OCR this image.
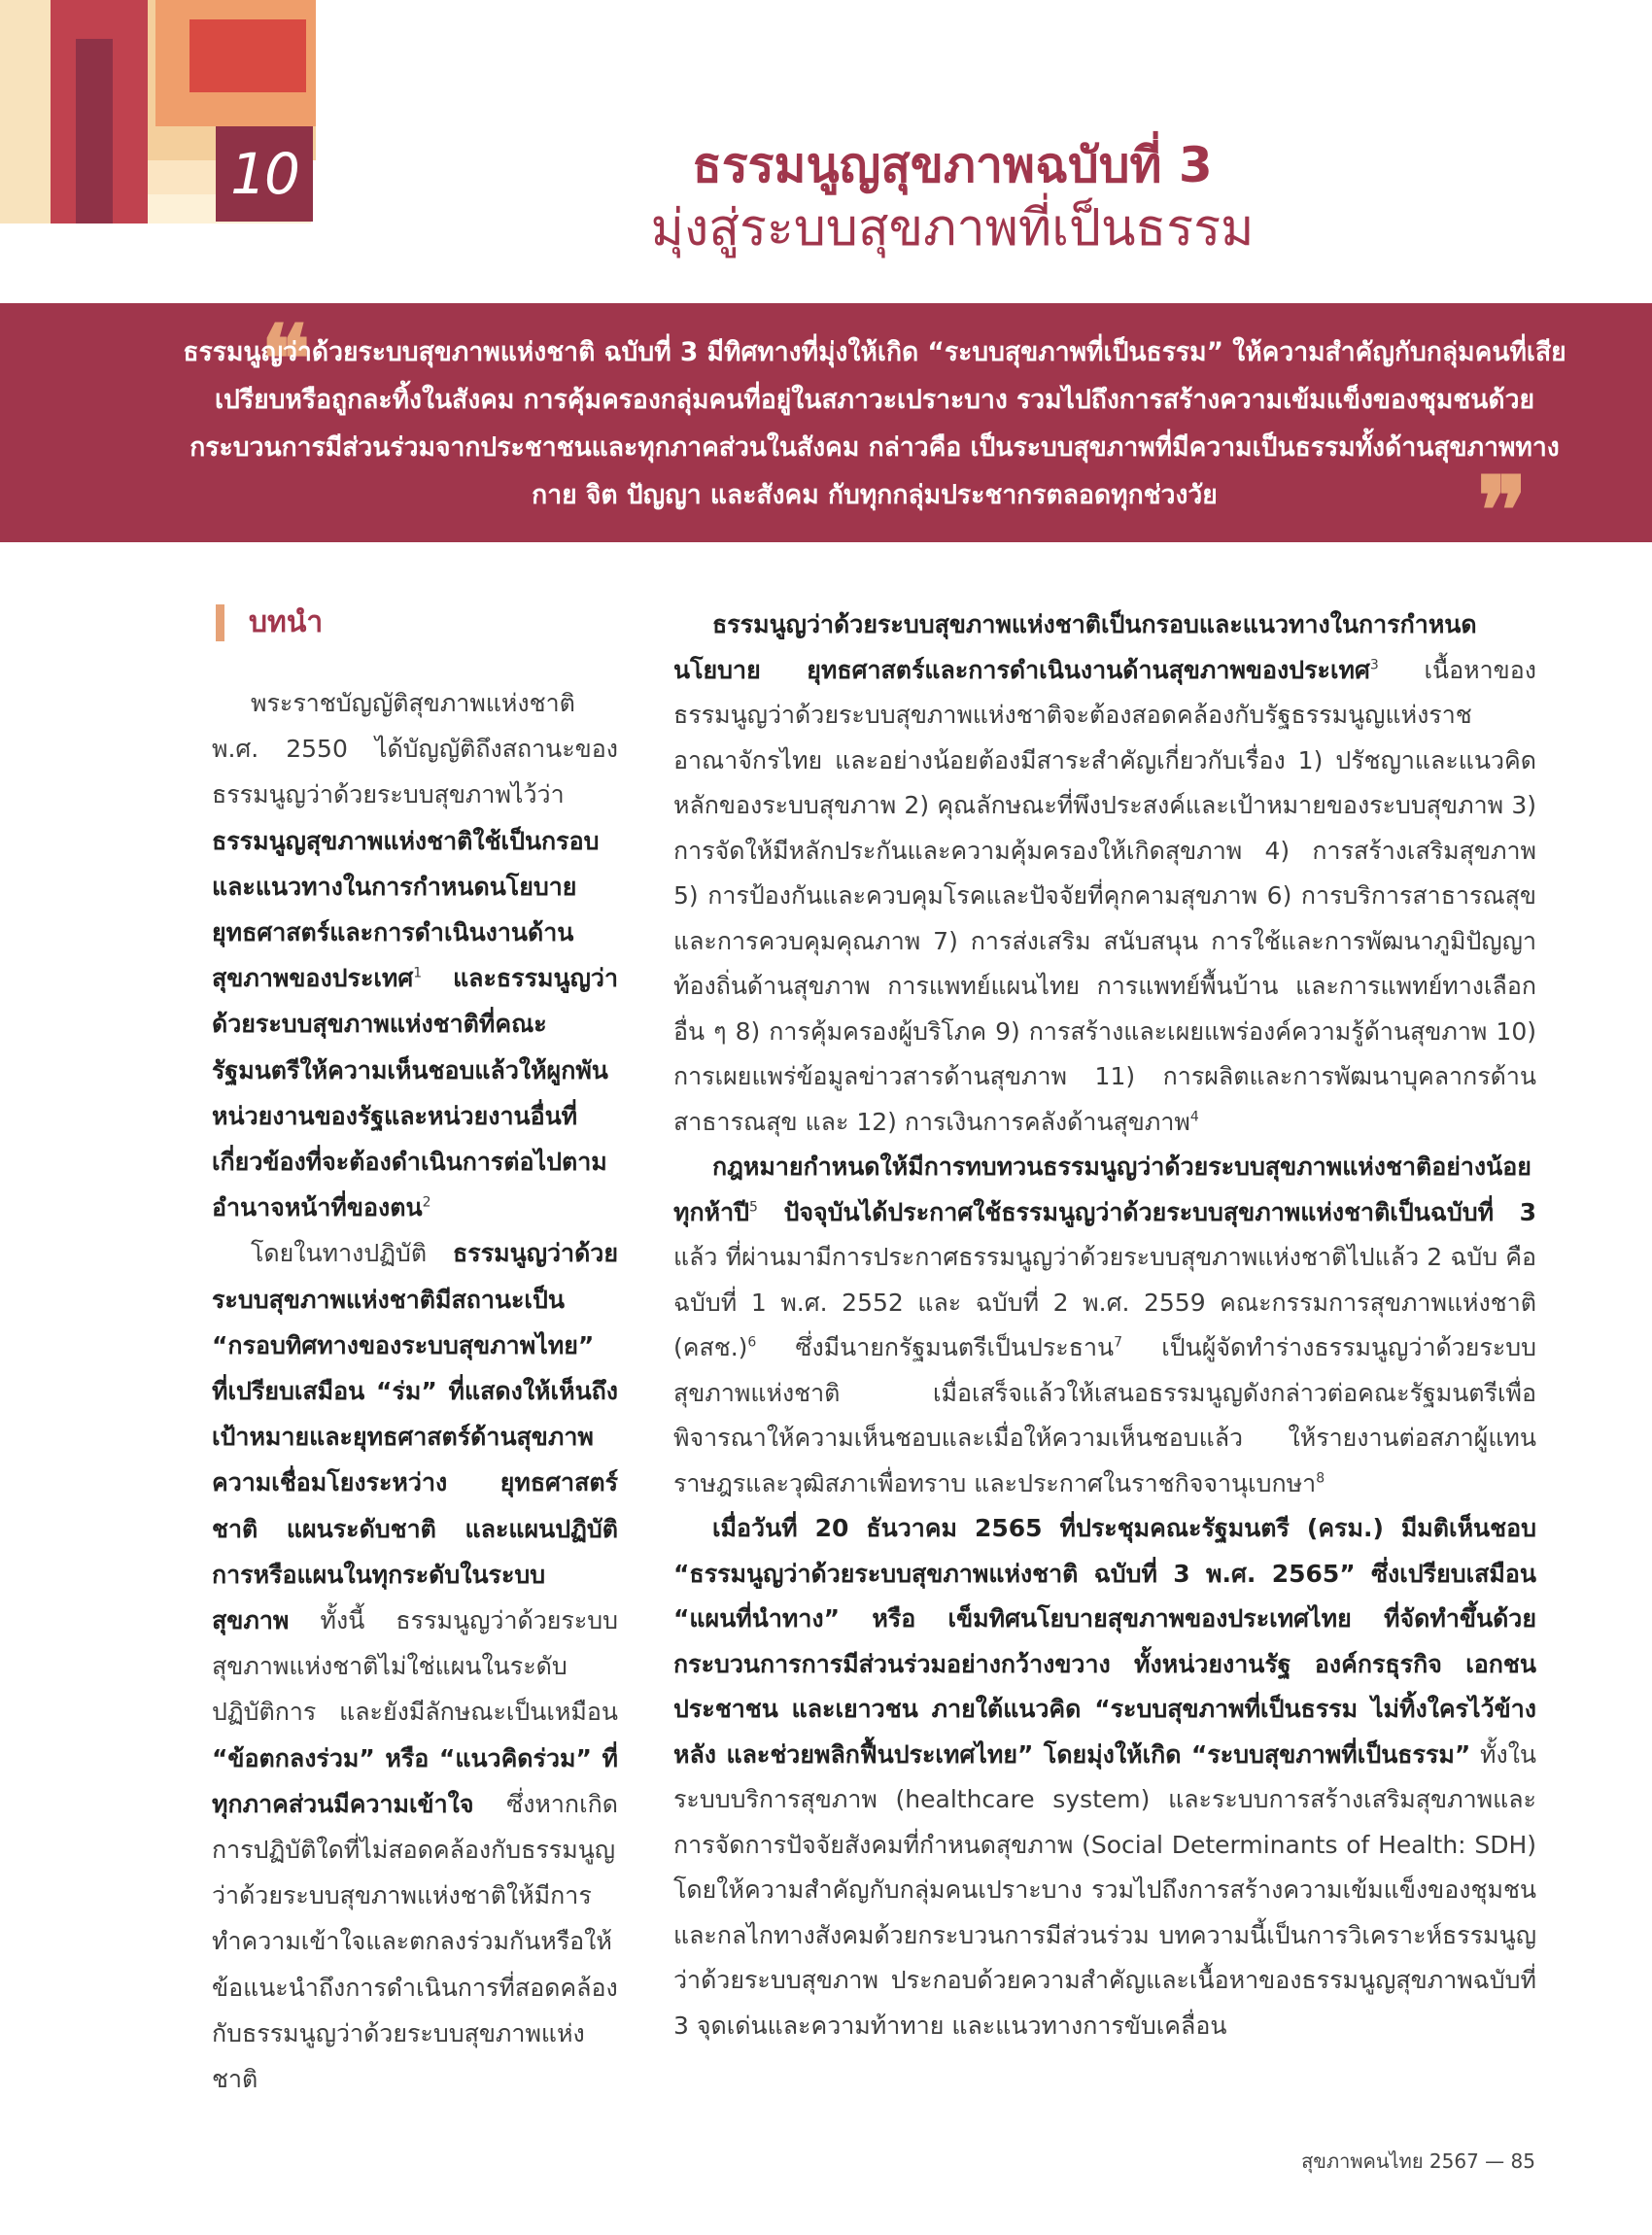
10	ธรรมนูญสุขภาพฉบับที่ 3
มุ่งสู่ระบบสุขภาพที่เป็นธรรม
❝
ธรรมนูญว่าด้วยระบบสุขภาพแห่งชาติ ฉบับที่ 3 มีทิศทางที่มุ่งให้เกิด “ระบบสุขภาพที่เป็นธรรม” ให้ความสำคัญกับกลุ่มคนที่เสียเปรียบหรือถูกละทิ้งในสังคม การคุ้มครองกลุ่มคนที่อยู่ในสภาวะเปราะบาง รวมไปถึงการสร้างความเข้มแข็งของชุมชนด้วยกระบวนการมีส่วนร่วมจากประชาชนและทุกภาคส่วนในสังคม กล่าวคือ เป็นระบบสุขภาพที่มีความเป็นธรรมทั้งด้านสุขภาพทางกาย จิต ปัญญา และสังคม กับทุกกลุ่มประชากรตลอดทุกช่วงวัย	❞
บทนำ

พระราชบัญญัติสุขภาพแห่งชาติ พ.ศ. 2550 ได้บัญญัติถึงสถานะของธรรมนูญว่าด้วยระบบสุขภาพไว้ว่า ธรรมนูญสุขภาพแห่งชาติใช้เป็นกรอบและแนวทางในการกำหนดนโยบาย ยุทธศาสตร์และการดำเนินงานด้านสุขภาพของประเทศ$^1$ และธรรมนูญว่าด้วยระบบสุขภาพแห่งชาติที่คณะรัฐมนตรีให้ความเห็นชอบแล้วให้ผูกพันหน่วยงานของรัฐและหน่วยงานอื่นที่เกี่ยวข้องที่จะต้องดำเนินการต่อไปตามอำนาจหน้าที่ของตน$^2$

โดยในทางปฏิบัติ ธรรมนูญว่าด้วยระบบสุขภาพแห่งชาติมีสถานะเป็น “กรอบทิศทางของระบบสุขภาพไทย” ที่เปรียบเสมือน “ร่ม” ที่แสดงให้เห็นถึงเป้าหมายและยุทธศาสตร์ด้านสุขภาพ ความเชื่อมโยงระหว่าง ยุทธศาสตร์ชาติ แผนระดับชาติ และแผนปฏิบัติการหรือแผนในทุกระดับในระบบสุขภาพ ทั้งนี้ ธรรมนูญว่าด้วยระบบสุขภาพแห่งชาติไม่ใช่แผนในระดับปฏิบัติการ และยังมีลักษณะเป็นเหมือน “ข้อตกลงร่วม” หรือ “แนวคิดร่วม” ที่ทุกภาคส่วนมีความเข้าใจ ซึ่งหากเกิดการปฏิบัติใดที่ไม่สอดคล้องกับธรรมนูญว่าด้วยระบบสุขภาพแห่งชาติให้มีการทำความเข้าใจและตกลงร่วมกันหรือให้ข้อแนะนำถึงการดำเนินการที่สอดคล้องกับธรรมนูญว่าด้วยระบบสุขภาพแห่งชาติ

ธรรมนูญว่าด้วยระบบสุขภาพแห่งชาติเป็นกรอบและแนวทางในการกำหนดนโยบาย ยุทธศาสตร์และการดำเนินงานด้านสุขภาพของประเทศ$^3$ เนื้อหาของธรรมนูญว่าด้วยระบบสุขภาพแห่งชาติจะต้องสอดคล้องกับรัฐธรรมนูญแห่งราชอาณาจักรไทย และอย่างน้อยต้องมีสาระสำคัญเกี่ยวกับเรื่อง 1) ปรัชญาและแนวคิดหลักของระบบสุขภาพ 2) คุณลักษณะที่พึงประสงค์และเป้าหมายของระบบสุขภาพ 3) การจัดให้มีหลักประกันและความคุ้มครองให้เกิดสุขภาพ 4) การสร้างเสริมสุขภาพ 5) การป้องกันและควบคุมโรคและปัจจัยที่คุกคามสุขภาพ 6) การบริการสาธารณสุขและการควบคุมคุณภาพ 7) การส่งเสริม สนับสนุน การใช้และการพัฒนาภูมิปัญญาท้องถิ่นด้านสุขภาพ การแพทย์แผนไทย การแพทย์พื้นบ้าน และการแพทย์ทางเลือกอื่น ๆ 8) การคุ้มครองผู้บริโภค 9) การสร้างและเผยแพร่องค์ความรู้ด้านสุขภาพ 10) การเผยแพร่ข้อมูลข่าวสารด้านสุขภาพ 11) การผลิตและการพัฒนาบุคลากรด้านสาธารณสุข และ 12) การเงินการคลังด้านสุขภาพ$^4$

กฎหมายกำหนดให้มีการทบทวนธรรมนูญว่าด้วยระบบสุขภาพแห่งชาติอย่างน้อยทุกห้าปี$^5$ ปัจจุบันได้ประกาศใช้ธรรมนูญว่าด้วยระบบสุขภาพแห่งชาติเป็นฉบับที่ 3 แล้ว ที่ผ่านมามีการประกาศธรรมนูญว่าด้วยระบบสุขภาพแห่งชาติไปแล้ว 2 ฉบับ คือ ฉบับที่ 1 พ.ศ. 2552 และ ฉบับที่ 2 พ.ศ. 2559 คณะกรรมการสุขภาพแห่งชาติ (คสช.)$^6$ ซึ่งมีนายกรัฐมนตรีเป็นประธาน$^7$ เป็นผู้จัดทำร่างธรรมนูญว่าด้วยระบบสุขภาพแห่งชาติ เมื่อเสร็จแล้วให้เสนอธรรมนูญดังกล่าวต่อคณะรัฐมนตรีเพื่อพิจารณาให้ความเห็นชอบและเมื่อให้ความเห็นชอบแล้ว ให้รายงานต่อสภาผู้แทนราษฎรและวุฒิสภาเพื่อทราบ และประกาศในราชกิจจานุเบกษา$^8$

เมื่อวันที่ 20 ธันวาคม 2565 ที่ประชุมคณะรัฐมนตรี (ครม.) มีมติเห็นชอบ “ธรรมนูญว่าด้วยระบบสุขภาพแห่งชาติ ฉบับที่ 3 พ.ศ. 2565” ซึ่งเปรียบเสมือน “แผนที่นำทาง” หรือ เข็มทิศนโยบายสุขภาพของประเทศไทย ที่จัดทำขึ้นด้วยกระบวนการการมีส่วนร่วมอย่างกว้างขวาง ทั้งหน่วยงานรัฐ องค์กรธุรกิจ เอกชน ประชาชน และเยาวชน ภายใต้แนวคิด “ระบบสุขภาพที่เป็นธรรม ไม่ทิ้งใครไว้ข้างหลัง และช่วยพลิกฟื้นประเทศไทย” โดยมุ่งให้เกิด “ระบบสุขภาพที่เป็นธรรม” ทั้งในระบบบริการสุขภาพ (healthcare system) และระบบการสร้างเสริมสุขภาพและการจัดการปัจจัยสังคมที่กำหนดสุขภาพ (Social Determinants of Health: SDH) โดยให้ความสำคัญกับกลุ่มคนเปราะบาง รวมไปถึงการสร้างความเข้มแข็งของชุมชนและกลไกทางสังคมด้วยกระบวนการมีส่วนร่วม บทความนี้เป็นการวิเคราะห์ธรรมนูญว่าด้วยระบบสุขภาพ ประกอบด้วยความสำคัญและเนื้อหาของธรรมนูญสุขภาพฉบับที่ 3 จุดเด่นและความท้าทาย และแนวทางการขับเคลื่อน

สุขภาพคนไทย 2567 — 85
